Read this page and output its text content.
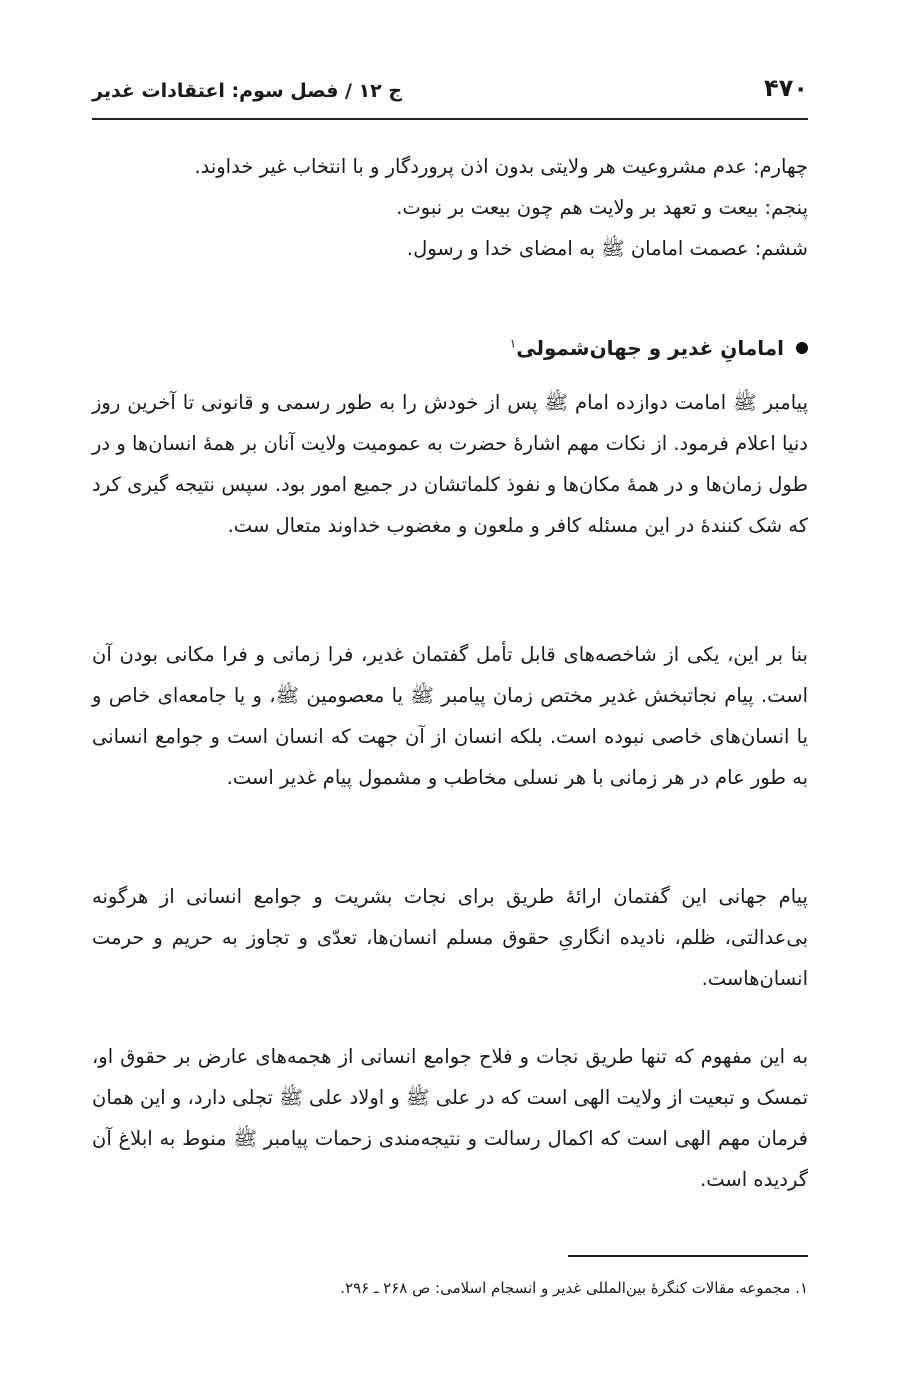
۴۷۰
ج ۱۲ / فصل سوم: اعتقادات غدیر
چهارم: عدم مشروعیت هر ولایتی بدون اذن پروردگار و با انتخاب غیر خداوند.
پنجم: بیعت و تعهد بر ولایت هم چون بیعت بر نبوت.
ششم: عصمت امامان ﷺ به امضای خدا و رسول.
امامانِ غدیر و جهان‌شمولی$^۱$

پیامبر ﷺ امامت دوازده امام ﷺ پس از خودش را به طور رسمی و قانونی تا آخرین روز دنیا اعلام فرمود. از نکات مهم اشارهٔ حضرت به عمومیت ولایت آنان بر همهٔ انسان‌ها و در طول زمان‌ها و در همهٔ مکان‌ها و نفوذ کلماتشان در جمیع امور بود. سپس نتیجه گیری کرد که شک کنندهٔ در این مسئله کافر و ملعون و مغضوب خداوند متعال ست.

بنا بر این، یکی از شاخصه‌های قابل تأمل گفتمان غدیر، فرا زمانی و فرا مکانی بودن آن است. پیام نجاتبخش غدیر مختص زمان پیامبر ﷺ یا معصومین ﷺ، و یا جامعه‌ای خاص و یا انسان‌های خاصی نبوده است. بلکه انسان از آن جهت که انسان است و جوامع انسانی به طور عام در هر زمانی با هر نسلی مخاطب و مشمول پیام غدیر است.

پیام جهانی این گفتمان ارائهٔ طریق برای نجات بشریت و جوامع انسانی از هرگونه بی‌عدالتی، ظلم، نادیده انگاریِ حقوق مسلم انسان‌ها، تعدّی و تجاوز به حریم و حرمت انسان‌هاست.

به این مفهوم که تنها طریق نجات و فلاح جوامع انسانی از هجمه‌های عارض بر حقوق او، تمسک و تبعیت از ولایت الهی است که در علی ﷺ و اولاد علی ﷺ تجلی دارد، و این همان فرمان مهم الهی است که اکمال رسالت و نتیجه‌مندی زحمات پیامبر ﷺ منوط به ابلاغ آن گردیده است.

۱. مجموعه مقالات کنگرهٔ بین‌المللی غدیر و انسجام اسلامی: ص ۲۶۸ ـ ۲۹۶.
